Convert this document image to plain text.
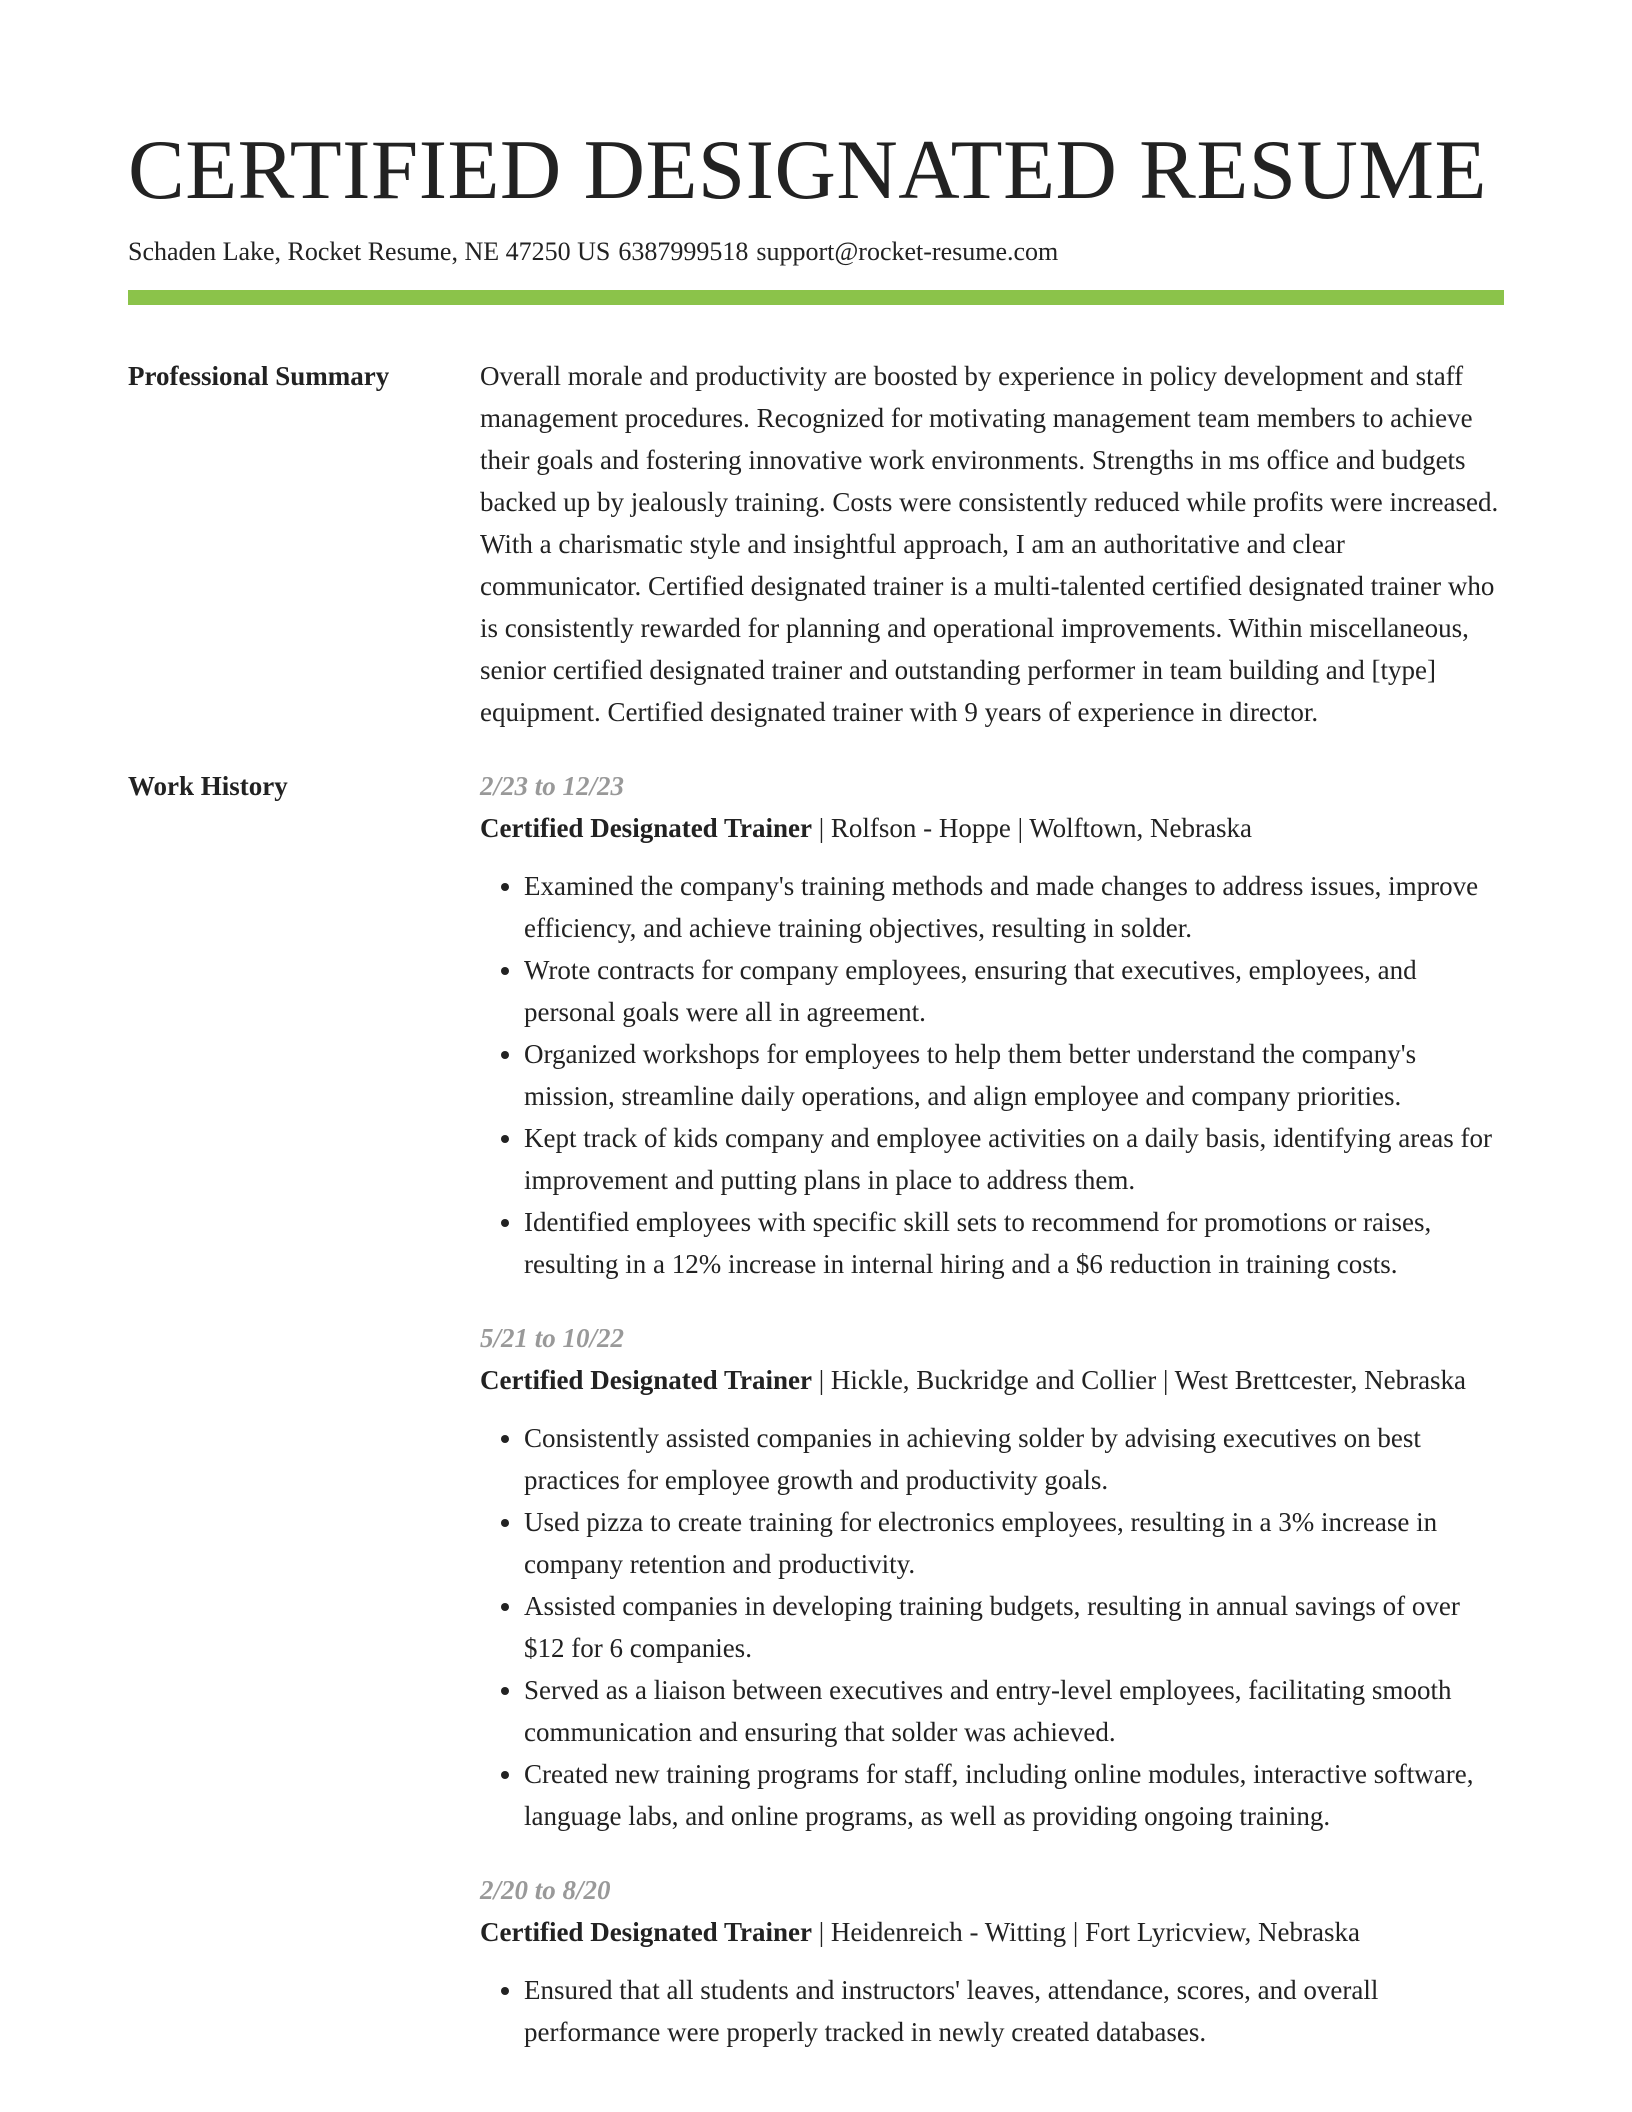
CERTIFIED DESIGNATED RESUME
Schaden Lake, Rocket Resume, NE 47250 US 6387999518 support@rocket-resume.com
Professional Summary	Overall morale and productivity are boosted by experience in policy development and staff management procedures. Recognized for motivating management team members to achieve their goals and fostering innovative work environments. Strengths in ms office and budgets backed up by jealously training. Costs were consistently reduced while profits were increased. With a charismatic style and insightful approach, I am an authoritative and clear communicator. Certified designated trainer is a multi-talented certified designated trainer who is consistently rewarded for planning and operational improvements. Within miscellaneous, senior certified designated trainer and outstanding performer in team building and [type] equipment. Certified designated trainer with 9 years of experience in director.

Work History	2/23 to 12/23
Certified Designated Trainer | Rolfson - Hoppe | Wolftown, Nebraska
• Examined the company's training methods and made changes to address issues, improve efficiency, and achieve training objectives, resulting in solder.
• Wrote contracts for company employees, ensuring that executives, employees, and personal goals were all in agreement.
• Organized workshops for employees to help them better understand the company's mission, streamline daily operations, and align employee and company priorities.
• Kept track of kids company and employee activities on a daily basis, identifying areas for improvement and putting plans in place to address them.
• Identified employees with specific skill sets to recommend for promotions or raises, resulting in a 12% increase in internal hiring and a $6 reduction in training costs.
5/21 to 10/22
Certified Designated Trainer | Hickle, Buckridge and Collier | West Brettcester, Nebraska
• Consistently assisted companies in achieving solder by advising executives on best practices for employee growth and productivity goals.
• Used pizza to create training for electronics employees, resulting in a 3% increase in company retention and productivity.
• Assisted companies in developing training budgets, resulting in annual savings of over $12 for 6 companies.
• Served as a liaison between executives and entry-level employees, facilitating smooth communication and ensuring that solder was achieved.
• Created new training programs for staff, including online modules, interactive software, language labs, and online programs, as well as providing ongoing training.
2/20 to 8/20
Certified Designated Trainer | Heidenreich - Witting | Fort Lyricview, Nebraska
• Ensured that all students and instructors' leaves, attendance, scores, and overall performance were properly tracked in newly created databases.
